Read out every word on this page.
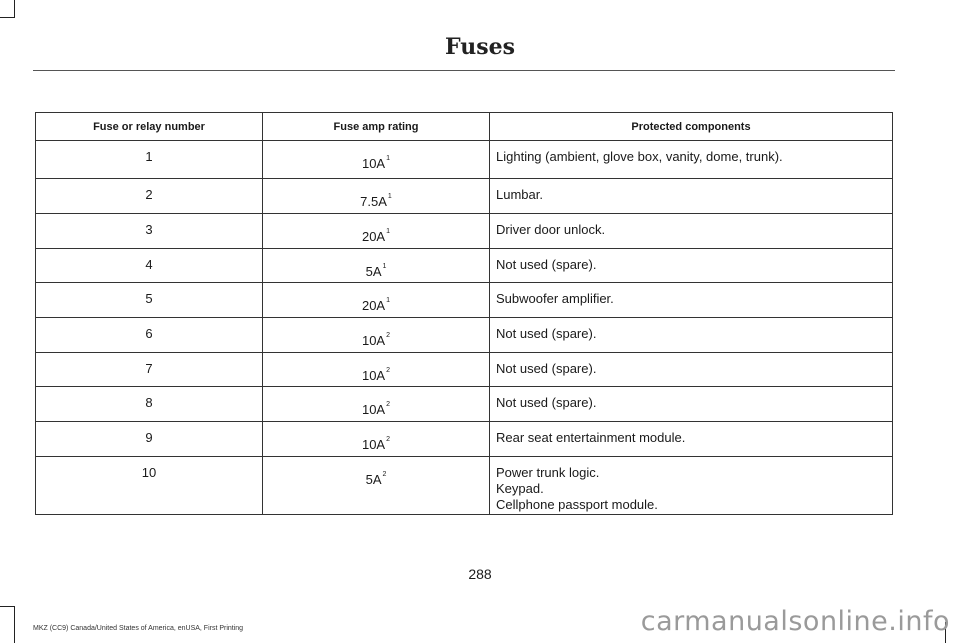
Fuses
Fuse or relay number	Fuse amp rating	Protected components
1	$10A^1$	Lighting (ambient, glove box, vanity, dome, trunk).

2	$7.5A^1$	Lumbar.

3	$20A^1$	Driver door unlock.

4	$5A^1$	Not used (spare).

5	$20A^1$	Subwoofer amplifier.

6	$10A^2$	Not used (spare).

7	$10A^2$	Not used (spare).

8	$10A^2$	Not used (spare).

9	$10A^2$	Rear seat entertainment module.

10	$5A^2$	Power trunk logic.
Keypad.
Cellphone passport module.
288
MKZ (CC9) Canada/United States of America, enUSA, First Printing	carmanualsonline.info
